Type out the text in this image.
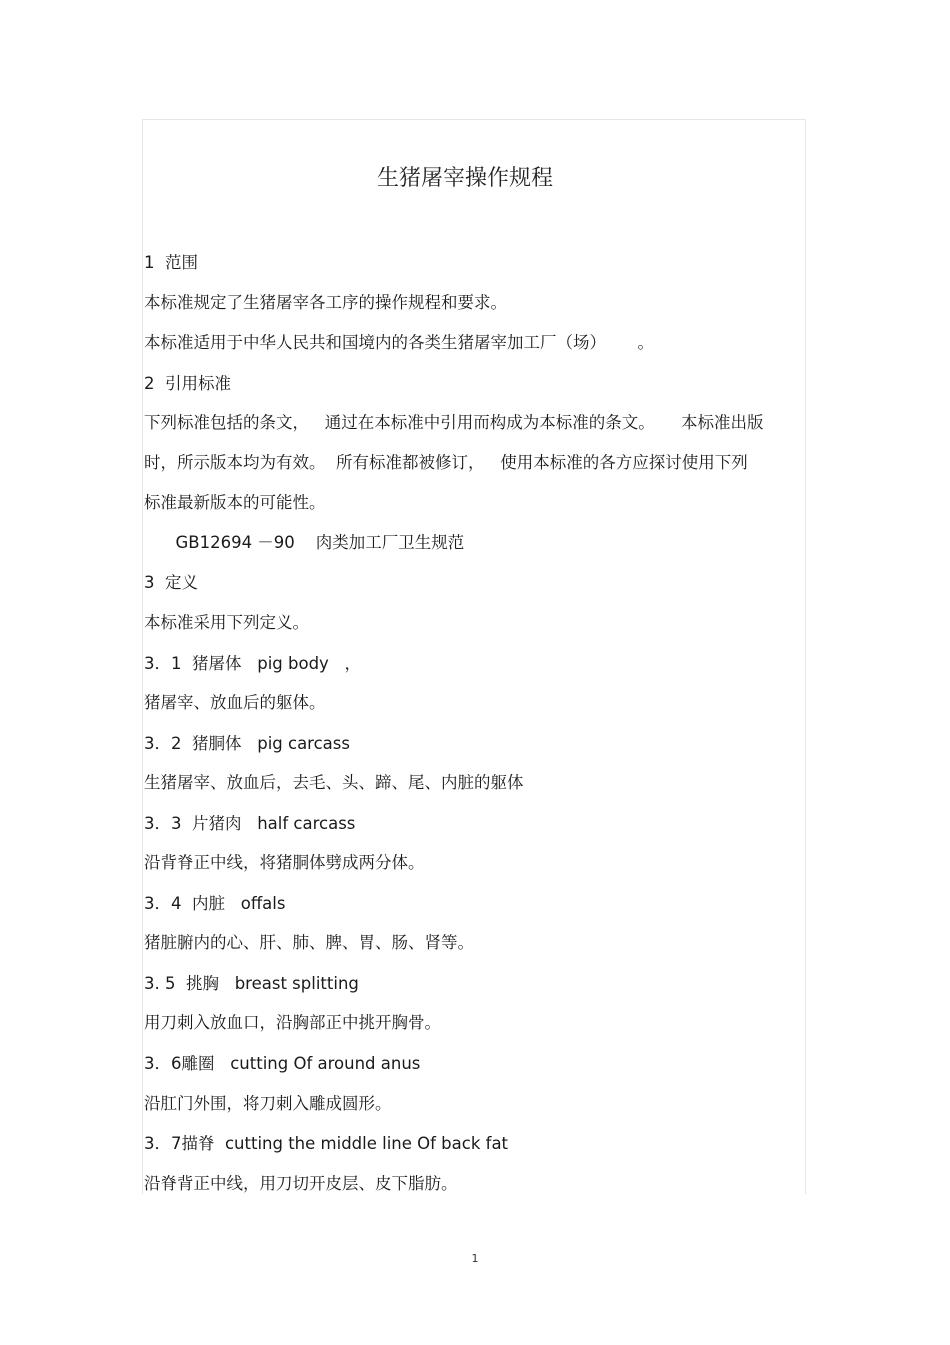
生猪屠宰操作规程
1  范围
本标准规定了生猪屠宰各工序的操作规程和要求。
本标准适用于中华人民共和国境内的各类生猪屠宰加工厂（场）      。
2  引用标准
下列标准包括的条文，   通过在本标准中引用而构成为本标准的条文。     本标准出版
时，所示版本均为有效。  所有标准都被修订，   使用本标准的各方应探讨使用下列
标准最新版本的可能性。
GB12694 －90    肉类加工厂卫生规范
3  定义
本标准采用下列定义。
3．1  猪屠体   pig body   ，
猪屠宰、放血后的躯体。
3．2  猪胴体   pig carcass
生猪屠宰、放血后，去毛、头、蹄、尾、内脏的躯体
3．3  片猪肉   half carcass
沿背脊正中线，将猪胴体劈成两分体。
3．4  内脏   offals
猪脏腑内的心、肝、肺、脾、胃、肠、肾等。
3. 5  挑胸   breast splitting
用刀刺入放血口，沿胸部正中挑开胸骨。
3．6雕圈   cutting Of around anus
沿肛门外围，将刀刺入雕成圆形。
3．7描脊  cutting the middle line Of back fat
沿脊背正中线，用刀切开皮层、皮下脂肪。
1
